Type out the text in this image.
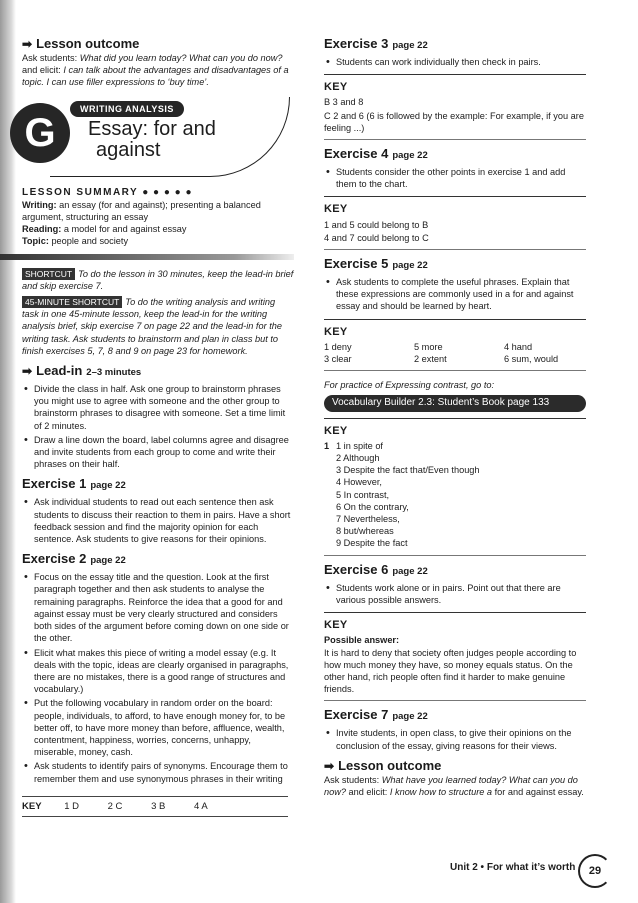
➡ Lesson outcome

Ask students: What did you learn today? What can you do now? and elicit: I can talk about the advantages and disadvantages of a topic. I can use filler expressions to ‘buy time’.

G
WRITING ANALYSIS
Essay: for and
against
LESSON SUMMARY ● ● ● ● ●

Writing: an essay (for and against); presenting a balanced argument, structuring an essay

Reading: a model for and against essay

Topic: people and society

SHORTCUT To do the lesson in 30 minutes, keep the lead-in brief and skip exercise 7.

45-MINUTE SHORTCUT To do the writing analysis and writing task in one 45-minute lesson, keep the lead-in for the writing analysis brief, skip exercise 7 on page 22 and the lead-in for the writing task. Ask students to brainstorm and plan in class but to finish exercises 5, 7, 8 and 9 on page 23 for homework.

➡ Lead-in 2–3 minutes
• Divide the class in half. Ask one group to brainstorm phrases you might use to agree with someone and the other group to brainstorm phrases to disagree with someone. Set a time limit of 2 minutes.
• Draw a line down the board, label columns agree and disagree and invite students from each group to come and write their phrases on their half.
Exercise 1 page 22
• Ask individual students to read out each sentence then ask students to discuss their reaction to them in pairs. Have a short feedback session and find the majority opinion for each sentence. Ask students to give reasons for their opinions.
Exercise 2 page 22
• Focus on the essay title and the question. Look at the first paragraph together and then ask students to analyse the remaining paragraphs. Reinforce the idea that a good for and against essay must be very clearly structured and considers both sides of the argument before coming down on one side or the other.
• Elicit what makes this piece of writing a model essay (e.g. It deals with the topic, ideas are clearly organised in paragraphs, there are no mistakes, there is a good range of structures and vocabulary.)
• Put the following vocabulary in random order on the board: people, individuals, to afford, to have enough money for, to be better off, to have more money than before, affluence, wealth, contentment, happiness, worries, concerns, unhappy, miserable, money, cash.
• Ask students to identify pairs of synonyms. Encourage them to remember them and use synonymous phrases in their writing
KEY 1 D	2 C	3 B	4 A
Exercise 3 page 22
• Students can work individually then check in pairs.
KEY
B 3 and 8
C 2 and 6 (6 is followed by the example: For example, if you are feeling ...)
Exercise 4 page 22
• Students consider the other points in exercise 1 and add them to the chart.
KEY
1 and 5 could belong to B
4 and 7 could belong to C
Exercise 5 page 22
• Ask students to complete the useful phrases. Explain that these expressions are commonly used in a for and against essay and should be learned by heart.
KEY
1 deny	5 more	4 hand
3 clear	2 extent	6 sum, would

For practice of Expressing contrast, go to:

Vocabulary Builder 2.3: Student’s Book page 133
KEY
1 1 in spite of
2 Although
3 Despite the fact that/Even though
4 However,
5 In contrast,
6 On the contrary,
7 Nevertheless,
8 but/whereas
9 Despite the fact
Exercise 6 page 22
• Students work alone or in pairs. Point out that there are various possible answers.
KEY

Possible answer:

It is hard to deny that society often judges people according to how much money they have, so money equals status. On the other hand, rich people often find it harder to make genuine friends.

Exercise 7 page 22
• Invite students, in open class, to give their opinions on the conclusion of the essay, giving reasons for their views.
➡ Lesson outcome

Ask students: What have you learned today? What can you do now? and elicit: I know how to structure a for and against essay.

Unit 2 • For what it’s worth	29
